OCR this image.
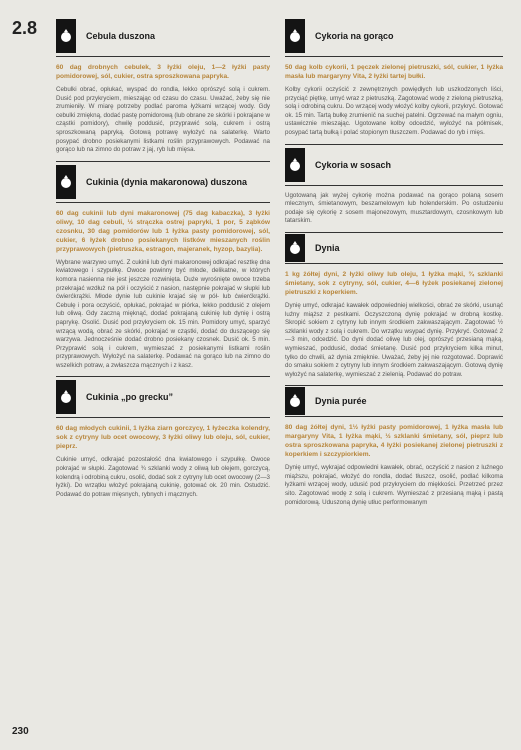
2.8	Cebula duszona

60 dag drobnych cebulek, 3 łyżki oleju, 1—2 łyżki pasty pomidorowej, sól, cukier, ostra sproszkowana papryka.

Cebulki obrać, opłukać, wyspać do rondla, lekko oprószyć solą i cukrem. Dusić pod przykryciem, mieszając od czasu do czasu. Uważać, żeby się nie zrumieniły. W miarę potrzeby podlać paroma łyżkami wrzącej wody. Gdy cebulki zmiękną, dodać pastę pomidorową (lub obrane ze skórki i pokrajane w cząstki pomidory), chwilę poddusić, przyprawić solą, cukrem i ostrą sproszkowaną papryką. Gotową potrawę wyłożyć na salaterkę. Warto posypać drobno posiekanymi listkami roślin przyprawowych. Podawać na gorąco lub na zimno do potraw z jaj, ryb lub mięsa.

Cukinia (dynia makaronowa) duszona

60 dag cukinii lub dyni makaronowej (75 dag kabaczka), 3 łyżki oliwy, 10 dag cebuli, ½ strączka ostrej papryki, 1 por, 5 ząbków czosnku, 30 dag pomidorów lub 1 łyżka pasty pomidorowej, sól, cukier, 6 łyżek drobno posiekanych listków mieszanych roślin przyprawowych (pietruszka, estragon, majeranek, hyzop, bazylia).

Wybrane warzywo umyć. Z cukinii lub dyni makaronowej odkrajać resztkę dna kwiatowego i szypułkę. Owoce powinny być młode, delikatne, w których komora nasienna nie jest jeszcze rozwinięta. Duże wyrośnięte owoce trzeba przekrajać wzdłuż na pół i oczyścić z nasion, następnie pokrajać w słupki lub ćwierćkrążki. Młode dynie lub cukinie krajać się w pół- lub ćwierćkrążki. Cebulę i pora oczyścić, opłukać, pokrajać w piórka, lekko poddusić z olejem lub oliwą. Gdy zaczną mięknąć, dodać pokrajaną cukinię lub dynię i ostrą paprykę. Osolić. Dusić pod przykryciem ok. 15 min. Pomidory umyć, sparzyć wrzącą wodą, obrać ze skórki, pokrajać w cząstki, dodać do duszącego się warzywa. Jednocześnie dodać drobno posiekany czosnek. Dusić ok. 5 min. Przyprawić solą i cukrem, wymieszać z posiekanymi listkami roślin przyprawowych. Wyłożyć na salaterkę. Podawać na gorąco lub na zimno do wszelkich potraw, a zwłaszcza mącznych i z kasz.

Cukinia „po grecku”

60 dag młodych cukinii, 1 łyżka ziarn gorczycy, 1 łyżeczka kolendry, sok z cytryny lub ocet owocowy, 3 łyżki oliwy lub oleju, sól, cukier, pieprz.

Cukinie umyć, odkrajać pozostałość dna kwiatowego i szypułkę. Owoce pokrajać w słupki. Zagotować ¾ szklanki wody z oliwą lub olejem, gorczycą, kolendrą i odrobiną cukru, osolić, dodać sok z cytryny lub ocet owocowy (2—3 łyżki). Do wrzątku włożyć pokrajaną cukinię, gotować ok. 20 min. Ostudzić. Podawać do potraw mięsnych, rybnych i mącznych.

Cykoria na gorąco

50 dag kolb cykorii, 1 pęczek zielonej pietruszki, sól, cukier, 1 łyżka masła lub margaryny Vita, 2 łyżki tartej bułki.

Kolby cykorii oczyścić z zewnętrznych powiędłych lub uszkodzonych liści, przyciąć piętkę, umyć wraz z pietruszką. Zagotować wodę z zieloną pietruszką, solą i odrobiną cukru. Do wrzącej wody włożyć kolby cykorii, przykryć. Gotować ok. 15 min. Tartą bułkę zrumienić na suchej patelni. Ogrzewać na małym ogniu, ustawicznie mieszając. Ugotowane kolby odcedzić, wyłożyć na półmisek, posypać tartą bułką i polać stopionym tłuszczem. Podawać do ryb i mięs.

Cykoria w sosach

Ugotowaną jak wyżej cykorię można podawać na gorąco polaną sosem mlecznym, śmietanowym, beszamelowym lub holenderskim. Po ostudzeniu podaje się cykorię z sosem majonezowym, musztardowym, czosnkowym lub tatarskim.

Dynia

1 kg żółtej dyni, 2 łyżki oliwy lub oleju, 1 łyżka mąki, ¾ szklanki śmietany, sok z cytryny, sól, cukier, 4—6 łyżek posiekanej zielonej pietruszki z koperkiem.

Dynię umyć, odkrajać kawałek odpowiedniej wielkości, obrać ze skórki, usunąć luźny miąższ z pestkami. Oczyszczoną dynię pokrajać w drobną kostkę. Skropić sokiem z cytryny lub innym środkiem zakwaszającym. Zagotować ½ szklanki wody z solą i cukrem. Do wrzątku wsypać dynię. Przykryć. Gotować 2—3 min, odcedzić. Do dyni dodać oliwę lub olej, oprószyć przesianą mąką, wymieszać, poddusić, dodać śmietanę. Dusić pod przykryciem kilka minut, tylko do chwili, aż dynia zmięknie. Uważać, żeby jej nie rozgotować. Doprawić do smaku sokiem z cytryny lub innym środkiem zakwaszającym. Gotową dynię wyłożyć na salaterkę, wymieszać z zielenią. Podawać do potraw.

Dynia purée

80 dag żółtej dyni, 1½ łyżki pasty pomidorowej, 1 łyżka masła lub margaryny Vita, 1 łyżka mąki, ½ szklanki śmietany, sól, pieprz lub ostra sproszkowana papryka, 4 łyżki posiekanej zielonej pietruszki z koperkiem i szczypiorkiem.

Dynię umyć, wykrajać odpowiedni kawałek, obrać, oczyścić z nasion z luźnego miąższu, pokrajać, włożyć do rondla, dodać tłuszcz, osolić, podlać kilkoma łyżkami wrzącej wody, udusić pod przykryciem do miękkości. Przetrzeć przez sito. Zagotować wodę z solą i cukrem. Wymieszać z przesianą mąką i pastą pomidorową. Uduszoną dynię utłuc performowanym

230
